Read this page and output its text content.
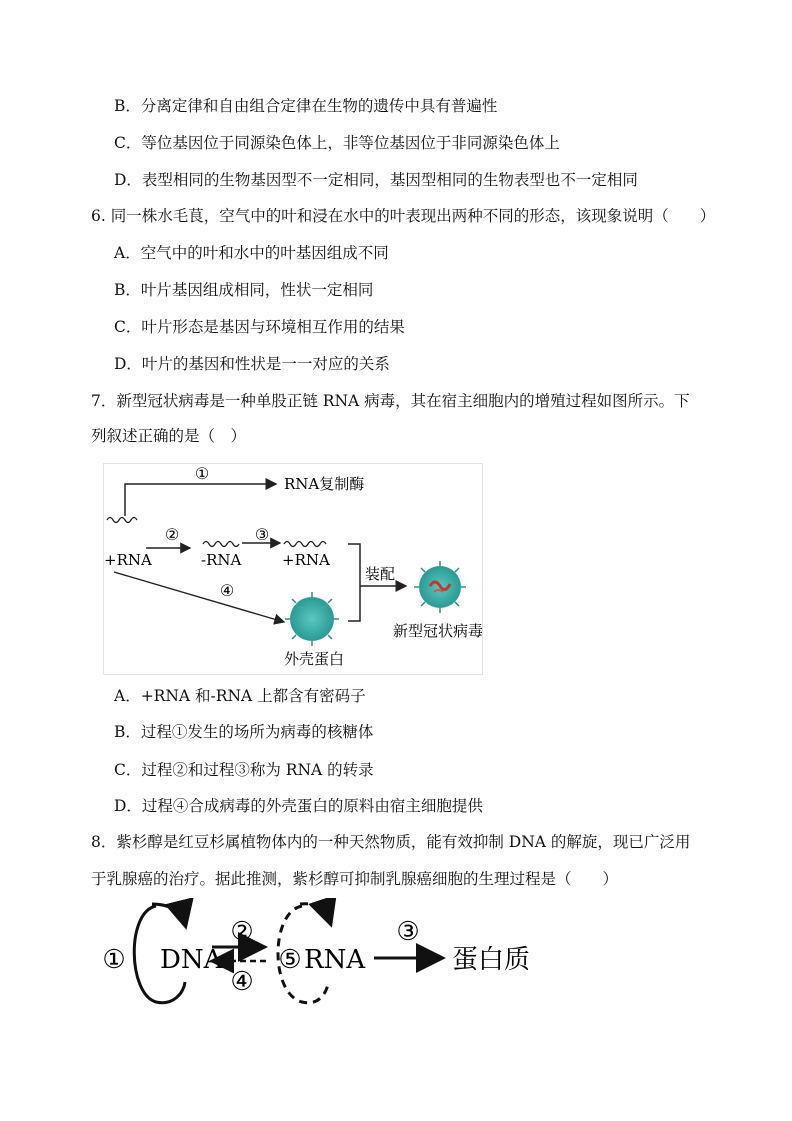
B．分离定律和自由组合定律在生物的遗传中具有普遍性
C．等位基因位于同源染色体上，非等位基因位于非同源染色体上
D．表型相同的生物基因型不一定相同，基因型相同的生物表型也不一定相同
6. 同一株水毛茛，空气中的叶和浸在水中的叶表现出两种不同的形态，该现象说明（　　）
A．空气中的叶和水中的叶基因组成不同
B．叶片基因组成相同，性状一定相同
C．叶片形态是基因与环境相互作用的结果
D．叶片的基因和性状是一一对应的关系
7．新型冠状病毒是一种单股正链 RNA 病毒，其在宿主细胞内的增殖过程如图所示。下
列叙述正确的是（　）
①
RNA复制酶
+RNA
②
-RNA
③
+RNA
④
外壳蛋白
装配
新型冠状病毒
A．+RNA 和-RNA 上都含有密码子
B．过程①发生的场所为病毒的核糖体
C．过程②和过程③称为 RNA 的转录
D．过程④合成病毒的外壳蛋白的原料由宿主细胞提供
8．紫杉醇是红豆杉属植物体内的一种天然物质，能有效抑制 DNA 的解旋，现已广泛用
于乳腺癌的治疗。据此推测，紫杉醇可抑制乳腺癌细胞的生理过程是（　　）
① DNA
②
④
⑤ RNA
③
蛋白质
